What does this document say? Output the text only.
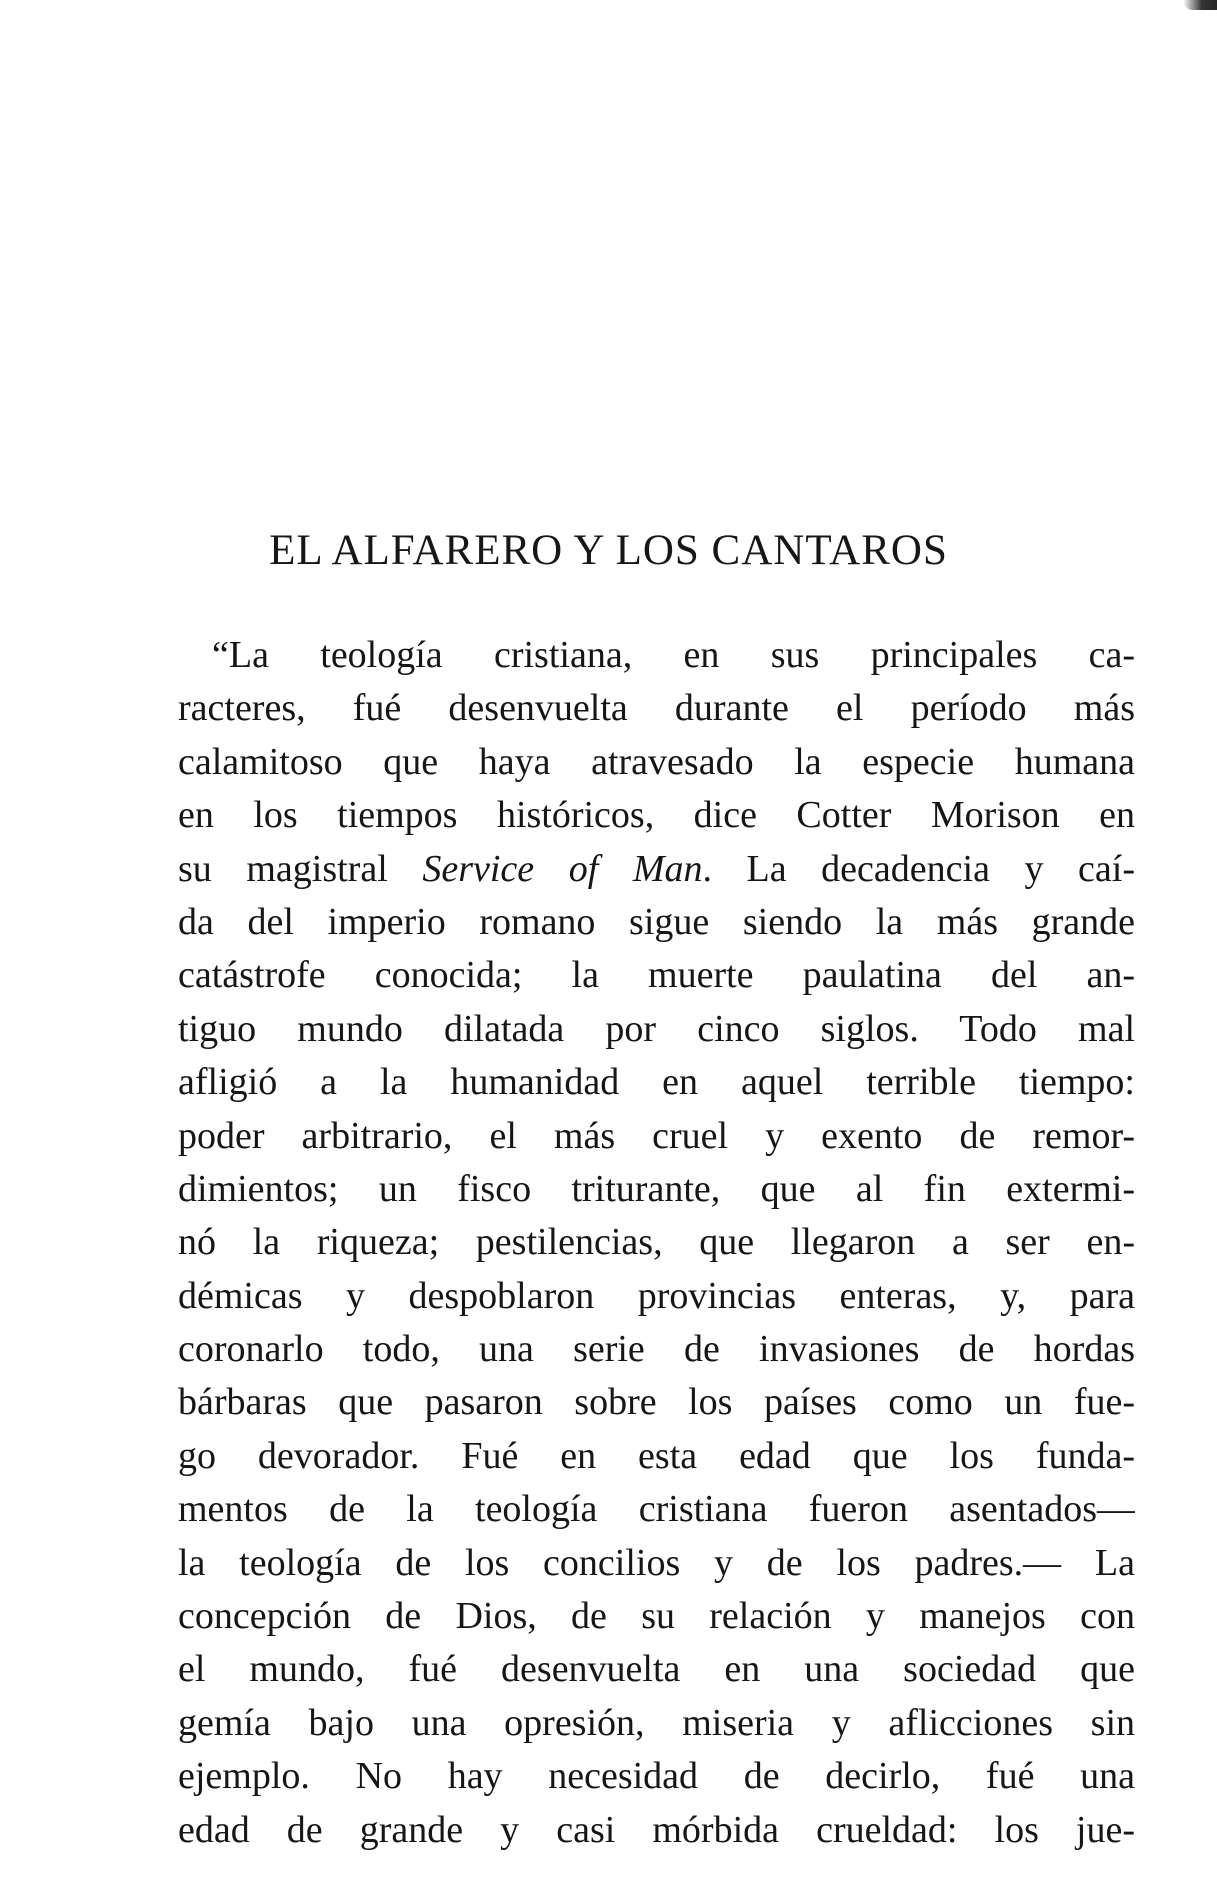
EL ALFARERO Y LOS CANTAROS
“La teología cristiana, en sus principales ca-
racteres, fué desenvuelta durante el período más
calamitoso que haya atravesado la especie humana
en los tiempos históricos, dice Cotter Morison en
su magistral Service of Man. La decadencia y caí-
da del imperio romano sigue siendo la más grande
catástrofe conocida; la muerte paulatina del an-
tiguo mundo dilatada por cinco siglos. Todo mal
afligió a la humanidad en aquel terrible tiempo:
poder arbitrario, el más cruel y exento de remor-
dimientos; un fisco triturante, que al fin extermi-
nó la riqueza; pestilencias, que llegaron a ser en-
démicas y despoblaron provincias enteras, y, para
coronarlo todo, una serie de invasiones de hordas
bárbaras que pasaron sobre los países como un fue-
go devorador. Fué en esta edad que los funda-
mentos de la teología cristiana fueron asentados—
la teología de los concilios y de los padres.— La
concepción de Dios, de su relación y manejos con
el mundo, fué desenvuelta en una sociedad que
gemía bajo una opresión, miseria y aflicciones sin
ejemplo. No hay necesidad de decirlo, fué una
edad de grande y casi mórbida crueldad: los jue-
